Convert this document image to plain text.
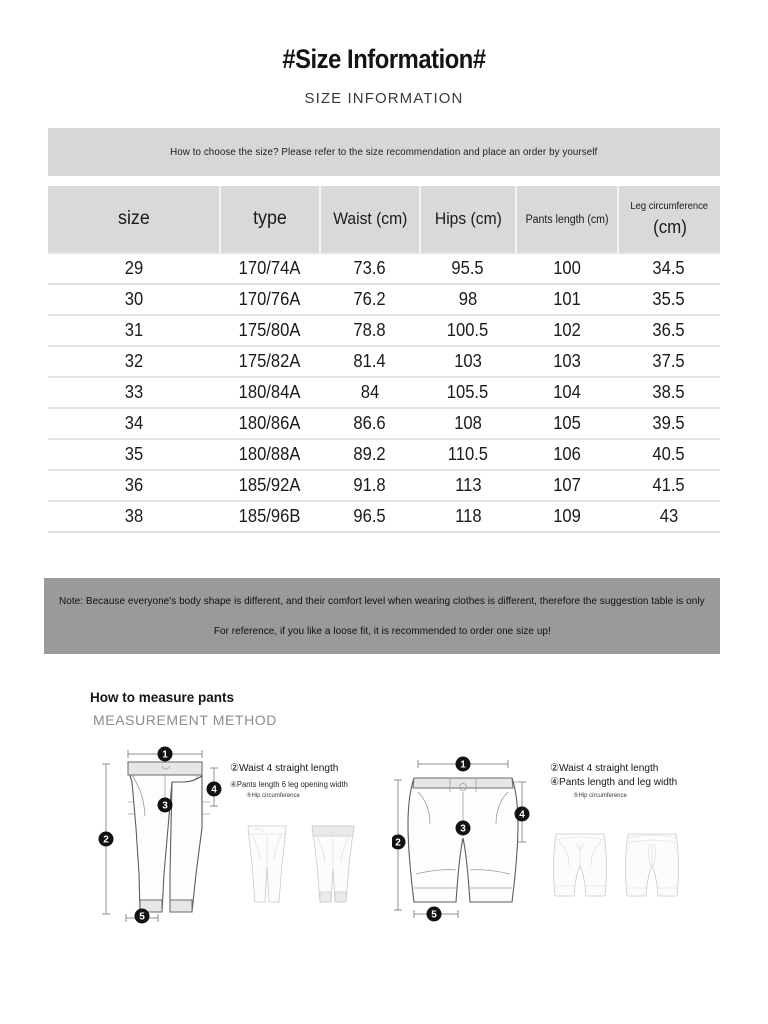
#Size Information#
SIZE INFORMATION
How to choose the size? Please refer to the size recommendation and place an order by yourself
size	type	Waist (cm)	Hips (cm)	Pants length (cm)	Leg circumference
(cm)

29	170/74A	73.6	95.5	100	34.5
30	170/76A	76.2	98	101	35.5
31	175/80A	78.8	100.5	102	36.5
32	175/82A	81.4	103	103	37.5
33	180/84A	84	105.5	104	38.5
34	180/86A	86.6	108	105	39.5
35	180/88A	89.2	110.5	106	40.5
36	185/92A	91.8	113	107	41.5
38	185/96B	96.5	118	109	43
Note: Because everyone's body shape is different, and their comfort level when wearing clothes is different, therefore the suggestion table is only
For reference, if you like a loose fit, it is recommended to order one size up!
How to measure pants
MEASUREMENT METHOD
1
2
3
4
5
②Waist 4 straight length
④Pants length 6 leg opening width
⑤Hip circumference
1
2
3
4
5
②Waist 4 straight length
④Pants length and leg width
⑤Hip circumference
